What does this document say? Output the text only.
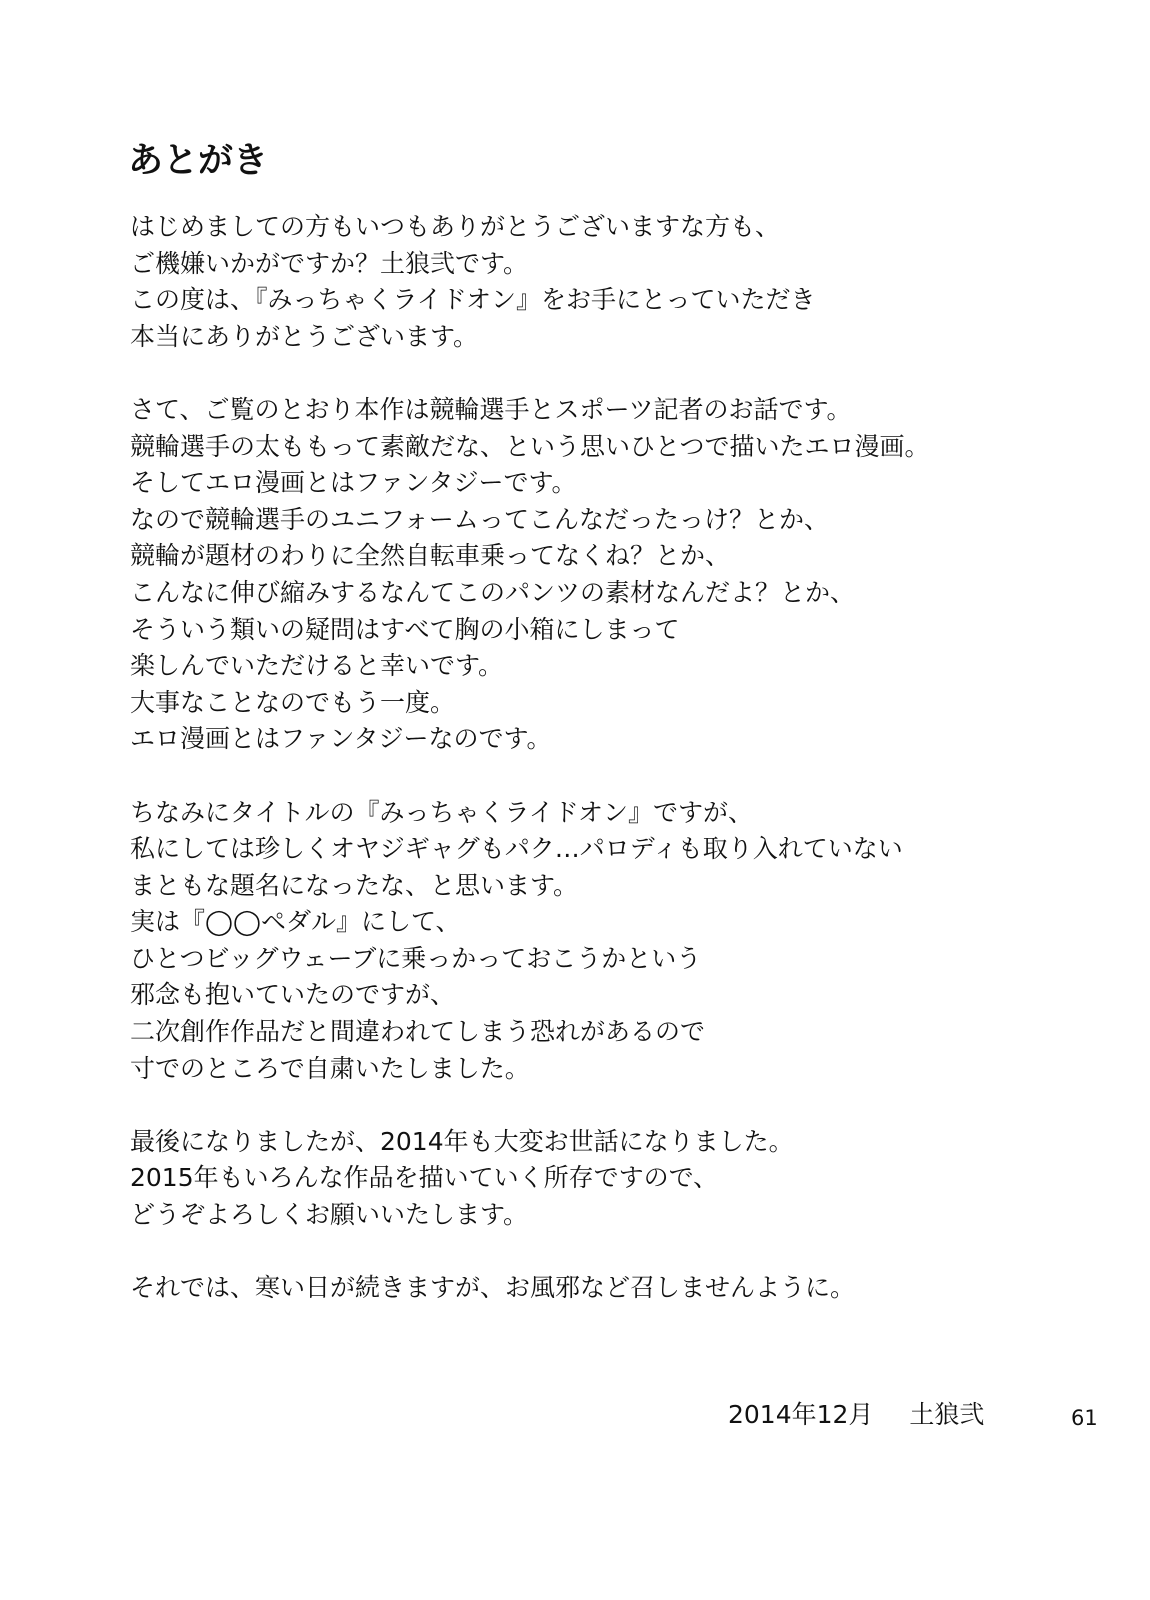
あとがき
はじめましての方もいつもありがとうございますな方も、
ご機嫌いかがですか？土狼弐です。
この度は、『みっちゃくライドオン』をお手にとっていただき
本当にありがとうございます。
さて、ご覧のとおり本作は競輪選手とスポーツ記者のお話です。
競輪選手の太ももって素敵だな、という思いひとつで描いたエロ漫画。
そしてエロ漫画とはファンタジーです。
なので競輪選手のユニフォームってこんなだったっけ？とか、
競輪が題材のわりに全然自転車乗ってなくね？とか、
こんなに伸び縮みするなんてこのパンツの素材なんだよ？とか、
そういう類いの疑問はすべて胸の小箱にしまって
楽しんでいただけると幸いです。
大事なことなのでもう一度。
エロ漫画とはファンタジーなのです。
ちなみにタイトルの『みっちゃくライドオン』ですが、
私にしては珍しくオヤジギャグもパク…パロディも取り入れていない
まともな題名になったな、と思います。
実は『◯◯ペダル』にして、
ひとつビッグウェーブに乗っかっておこうかという
邪念も抱いていたのですが、
二次創作作品だと間違われてしまう恐れがあるので
寸でのところで自粛いたしました。
最後になりましたが、2014年も大変お世話になりました。
2015年もいろんな作品を描いていく所存ですので、
どうぞよろしくお願いいたします。
それでは、寒い日が続きますが、お風邪など召しませんように。
2014年12月 土狼弐	61
